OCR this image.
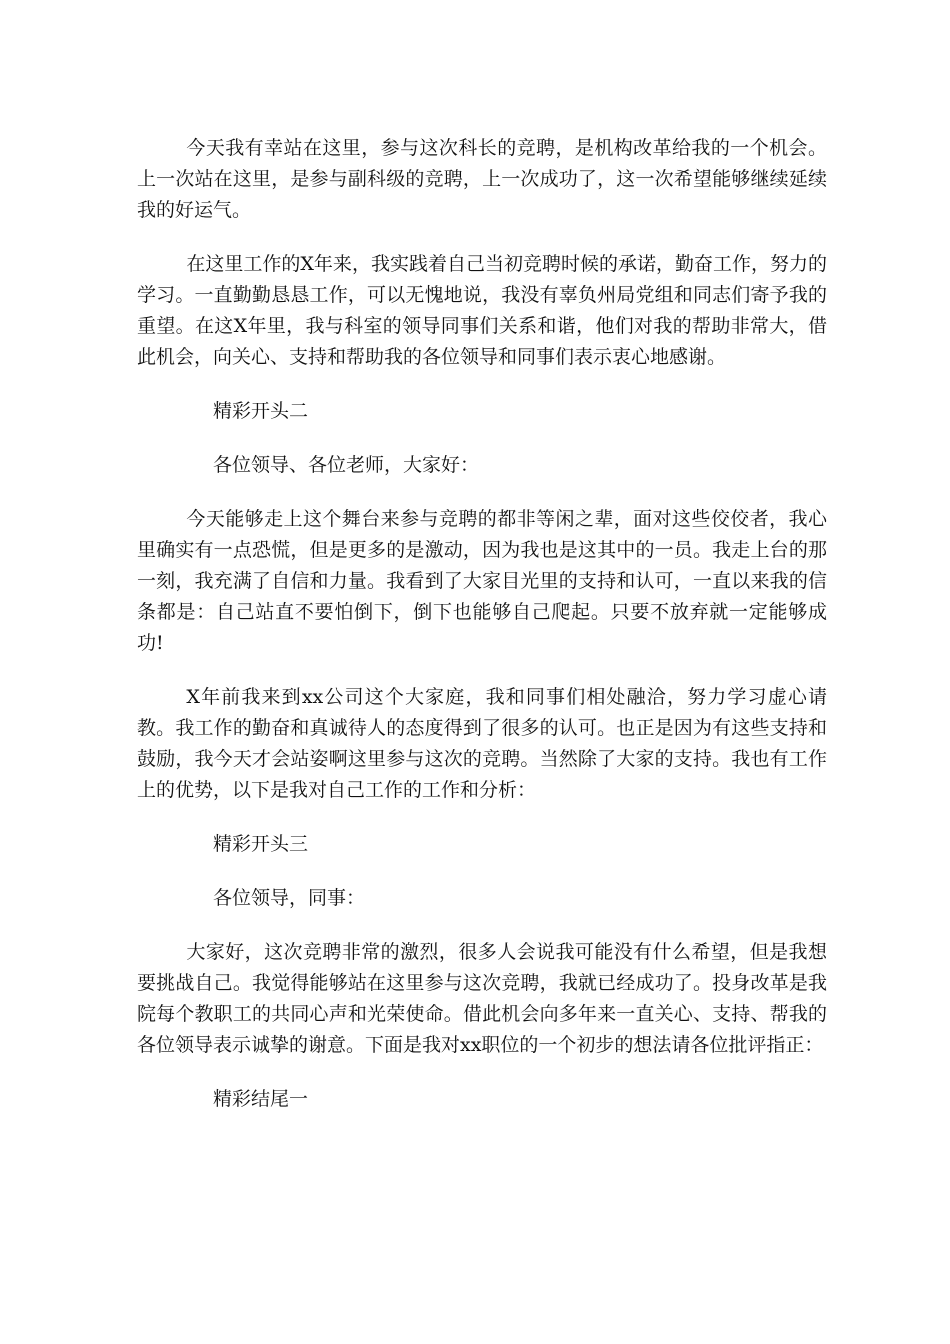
今天我有幸站在这里，参与这次科长的竞聘，是机构改革给我的一个机会。上一次站在这里，是参与副科级的竞聘，上一次成功了，这一次希望能够继续延续我的好运气。

在这里工作的X年来，我实践着自己当初竞聘时候的承诺，勤奋工作，努力的学习。一直勤勤恳恳工作，可以无愧地说，我没有辜负州局党组和同志们寄予我的重望。在这X年里，我与科室的领导同事们关系和谐，他们对我的帮助非常大，借此机会，向关心、支持和帮助我的各位领导和同事们表示衷心地感谢。

精彩开头二

各位领导、各位老师，大家好：

今天能够走上这个舞台来参与竞聘的都非等闲之辈，面对这些佼佼者，我心里确实有一点恐慌，但是更多的是激动，因为我也是这其中的一员。我走上台的那一刻，我充满了自信和力量。我看到了大家目光里的支持和认可，一直以来我的信条都是：自己站直不要怕倒下，倒下也能够自己爬起。只要不放弃就一定能够成功!

X年前我来到xx公司这个大家庭，我和同事们相处融洽，努力学习虚心请教。我工作的勤奋和真诚待人的态度得到了很多的认可。也正是因为有这些支持和鼓励，我今天才会站姿啊这里参与这次的竞聘。当然除了大家的支持。我也有工作上的优势，以下是我对自己工作的工作和分析：

精彩开头三

各位领导，同事：

大家好，这次竞聘非常的激烈，很多人会说我可能没有什么希望，但是我想要挑战自己。我觉得能够站在这里参与这次竞聘，我就已经成功了。投身改革是我院每个教职工的共同心声和光荣使命。借此机会向多年来一直关心、支持、帮我的各位领导表示诚挚的谢意。下面是我对xx职位的一个初步的想法请各位批评指正：

精彩结尾一
